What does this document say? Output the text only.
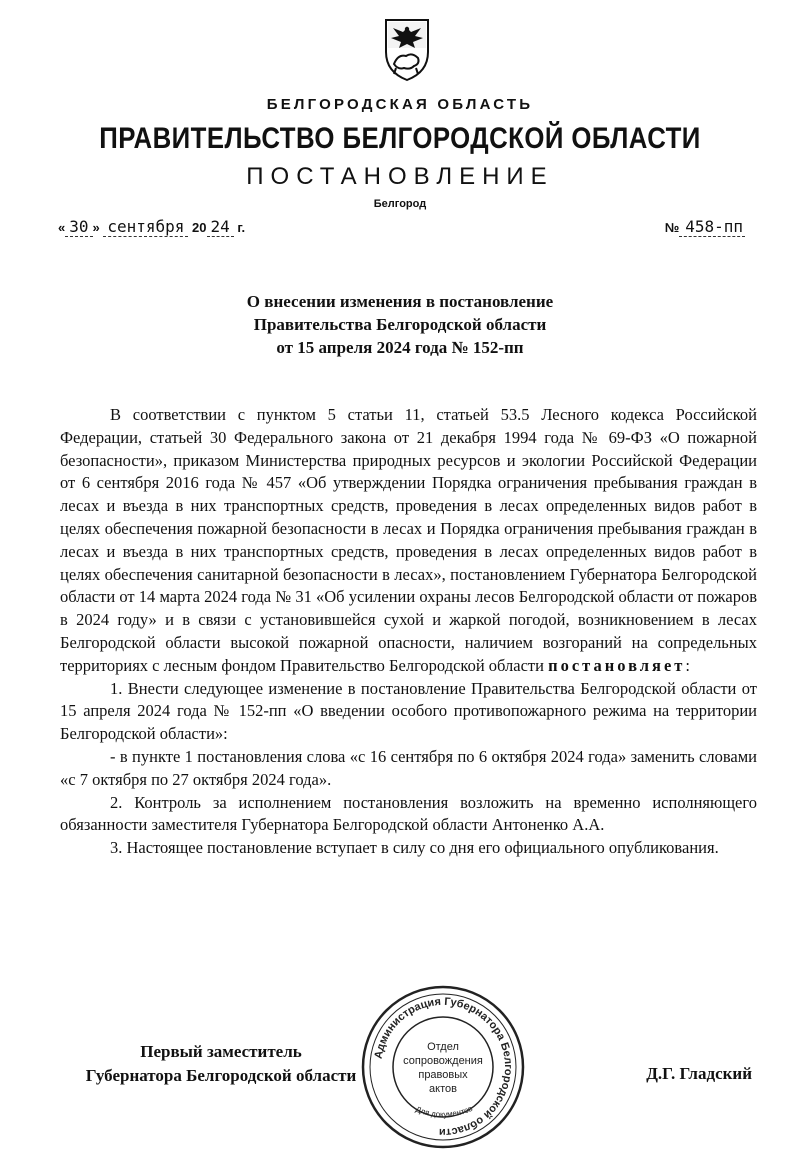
БЕЛГОРОДСКАЯ ОБЛАСТЬ
ПРАВИТЕЛЬСТВО БЕЛГОРОДСКОЙ ОБЛАСТИ
ПОСТАНОВЛЕНИЕ
Белгород
« 30 » сентября 20 24 г.	№ 458-пп
О внесении изменения в постановление
Правительства Белгородской области
от 15 апреля 2024 года № 152-пп

В соответствии с пунктом 5 статьи 11, статьей 53.5 Лесного кодекса Российской Федерации, статьей 30 Федерального закона от 21 декабря 1994 года № 69-ФЗ «О пожарной безопасности», приказом Министерства природных ресурсов и экологии Российской Федерации от 6 сентября 2016 года № 457 «Об утверждении Порядка ограничения пребывания граждан в лесах и въезда в них транспортных средств, проведения в лесах определенных видов работ в целях обеспечения пожарной безопасности в лесах и Порядка ограничения пребывания граждан в лесах и въезда в них транспортных средств, проведения в лесах определенных видов работ в целях обеспечения санитарной безопасности в лесах», постановлением Губернатора Белгородской области от 14 марта 2024 года № 31 «Об усилении охраны лесов Белгородской области от пожаров в 2024 году» и в связи с установившейся сухой и жаркой погодой, возникновением в лесах Белгородской области высокой пожарной опасности, наличием возгораний на сопредельных территориях с лесным фондом Правительство Белгородской области постановляет:

1. Внести следующее изменение в постановление Правительства Белгородской области от 15 апреля 2024 года № 152-пп «О введении особого противопожарного режима на территории Белгородской области»:

- в пункте 1 постановления слова «с 16 сентября по 6 октября 2024 года» заменить словами «с 7 октября по 27 октября 2024 года».

2. Контроль за исполнением постановления возложить на временно исполняющего обязанности заместителя Губернатора Белгородской области Антоненко А.А.

3. Настоящее постановление вступает в силу со дня его официального опубликования.

Первый заместитель
Губернатора Белгородской области	Д.Г. Гладский
Администрация Губернатора Белгородской области
Отдел
сопровождения
правовых
актов
Для документов
